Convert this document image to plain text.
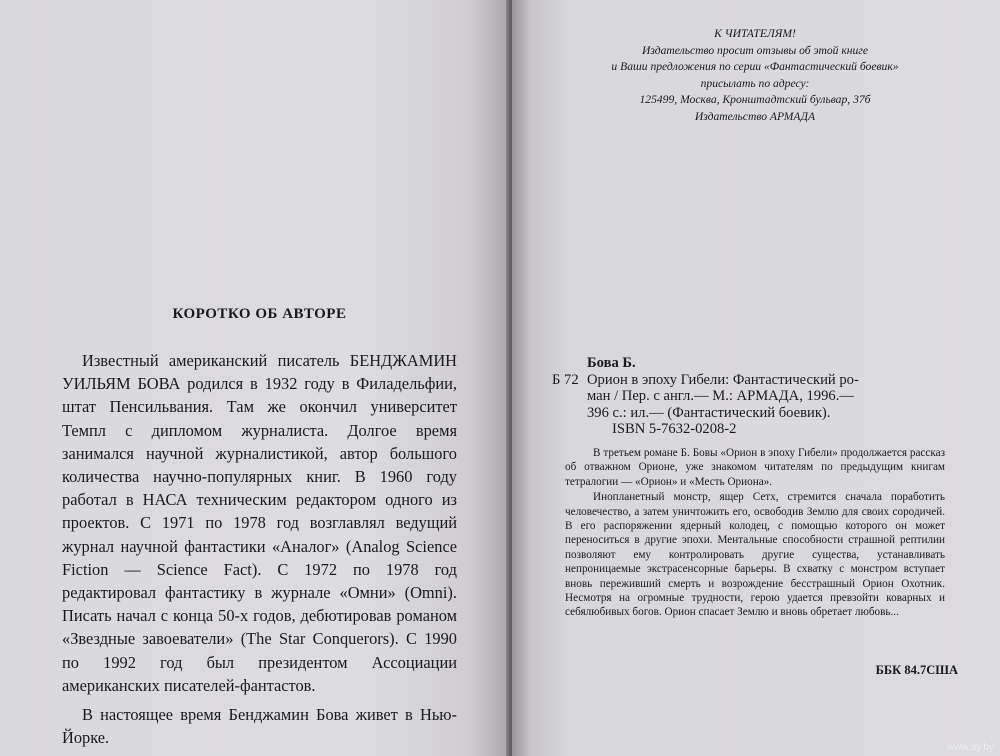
КОРОТКО ОБ АВТОРЕ

Известный американский писатель БЕНДЖАМИН УИЛЬЯМ БОВА родился в 1932 году в Филадельфии, штат Пенсильвания. Там же окончил университет Темпл с дипломом журналиста. Долгое время занимался научной журналистикой, автор большого количества научно-популярных книг. В 1960 году работал в НАСА техническим редактором одного из проектов. С 1971 по 1978 год возглавлял ведущий журнал научной фантастики «Аналог» (Analog Science Fiction — Science Fact). С 1972 по 1978 год редактировал фантастику в журнале «Омни» (Omni). Писать начал с конца 50-х годов, дебютировав романом «Звездные завоеватели» (The Star Conquerors). С 1990 по 1992 год был президентом Ассоциации американских писателей-фантастов.

В настоящее время Бенджамин Бова живет в Нью-Йорке.

К ЧИТАТЕЛЯМ!
Издательство просит отзывы об этой книге
и Ваши предложения по серии «Фантастический боевик»
присылать по адресу:
125499, Москва, Кронштадтский бульвар, 37б
Издательство АРМАДА
Бова Б.
Б 72 Орион в эпоху Гибели: Фантастический ро-
ман / Пер. с англ.— М.: АРМАДА, 1996.—
396 с.: ил.— (Фантастический боевик).
ISBN 5-7632-0208-2

В третьем романе Б. Бовы «Орион в эпоху Гибели» продолжается рассказ об отважном Орионе, уже знакомом читателям по предыдущим книгам тетралогии — «Орион» и «Месть Ориона».

Инопланетный монстр, ящер Сетх, стремится сначала поработить человечество, а затем уничтожить его, освободив Землю для своих сородичей. В его распоряжении ядерный колодец, с помощью которого он может переноситься в другие эпохи. Ментальные способности страшной рептилии позволяют ему контролировать другие существа, устанавливать непроницаемые экстрасенсорные барьеры. В схватку с монстром вступает вновь переживший смерть и возрождение бесстрашный Орион Охотник. Несмотря на огромные трудности, герою удается превзойти коварных и себялюбивых богов. Орион спасает Землю и вновь обретает любовь...

ББК 84.7США
www.ay.by
